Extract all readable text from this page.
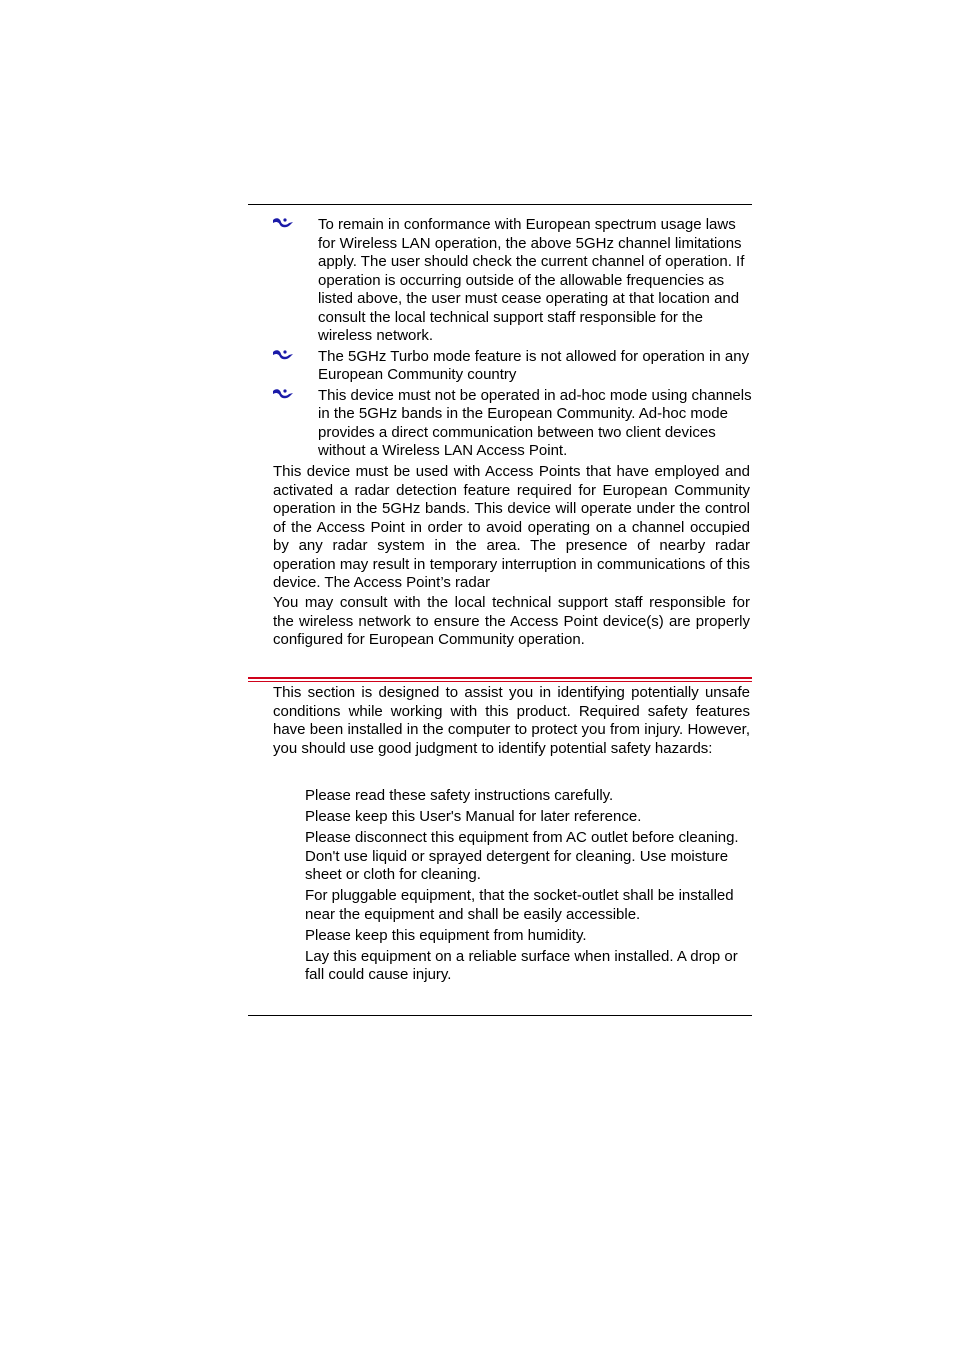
To remain in conformance with European spectrum usage laws for Wireless LAN operation, the above 5GHz channel limitations apply. The user should check the current channel of operation. If operation is occurring outside of the allowable frequencies as listed above, the user must cease operating at that location and consult the local technical support staff responsible for the wireless network.
The 5GHz Turbo mode feature is not allowed for operation in any European Community country
This device must not be operated in ad-hoc mode using channels in the 5GHz bands in the European Community. Ad-hoc mode provides a direct communication between two client devices without a Wireless LAN Access Point.

This device must be used with Access Points that have employed and activated a radar detection feature required for European Community operation in the 5GHz bands. This device will operate under the control of the Access Point in order to avoid operating on a channel occupied by any radar system in the area. The presence of nearby radar operation may result in temporary interruption in communications of this device. The Access Point’s radar

You may consult with the local technical support staff responsible for the wireless network to ensure the Access Point device(s) are properly configured for European Community operation.

This section is designed to assist you in identifying potentially unsafe conditions while working with this product. Required safety features have been installed in the computer to protect you from injury. However, you should use good judgment to identify potential safety hazards:

Please read these safety instructions carefully.
Please keep this User's Manual for later reference.
Please disconnect this equipment from AC outlet before cleaning. Don't use liquid or sprayed detergent for cleaning. Use moisture sheet or cloth for cleaning.
For pluggable equipment, that the socket-outlet shall be installed near the equipment and shall be easily accessible.
Please keep this equipment from humidity.
Lay this equipment on a reliable surface when installed. A drop or fall could cause injury.
